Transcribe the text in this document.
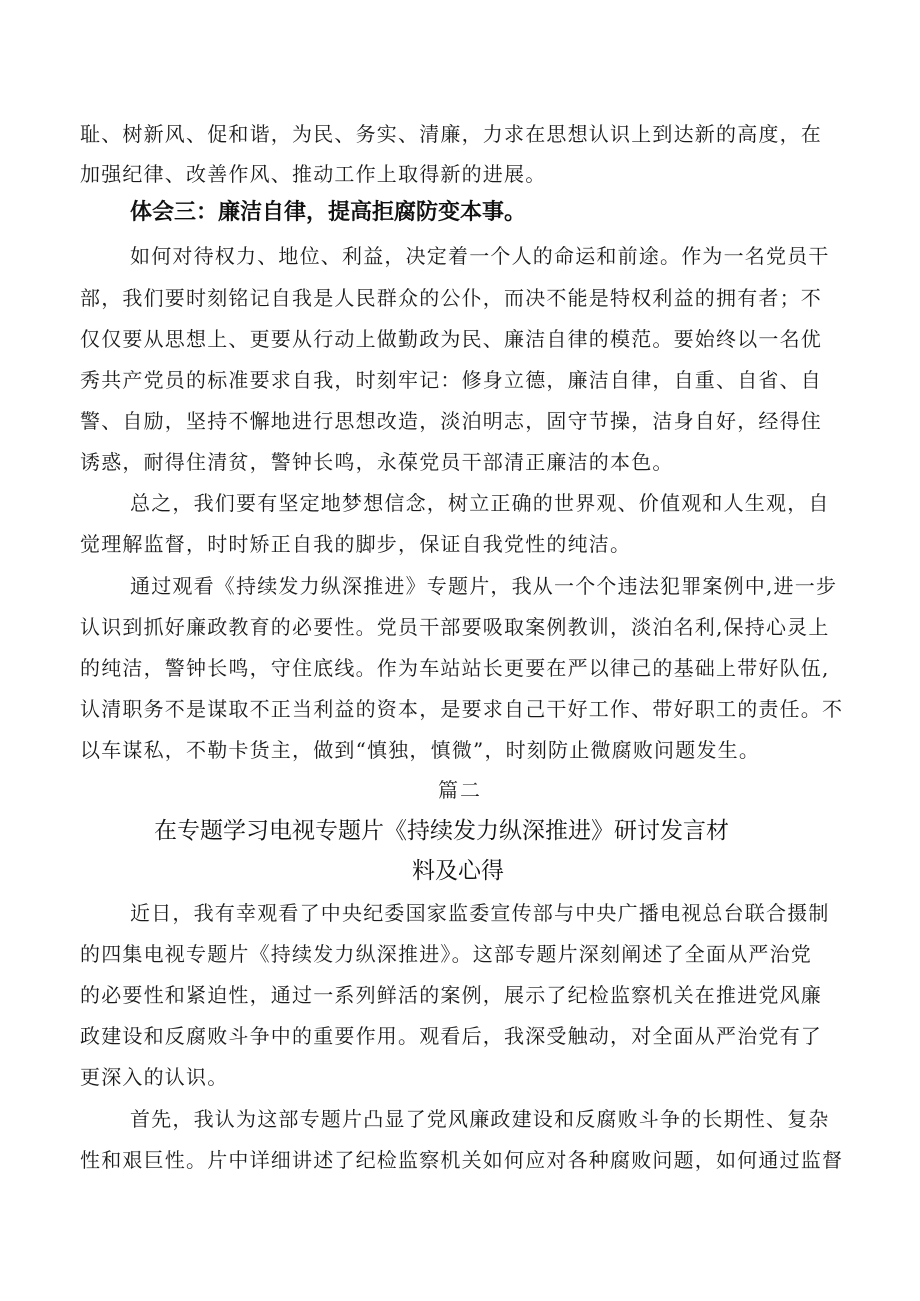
耻、树新风、促和谐，为民、务实、清廉，力求在思想认识上到达新的高度，在

加强纪律、改善作风、推动工作上取得新的进展。

体会三：廉洁自律，提高拒腐防变本事。

如何对待权力、地位、利益，决定着一个人的命运和前途。作为一名党员干

部，我们要时刻铭记自我是人民群众的公仆，而决不能是特权利益的拥有者；不

仅仅要从思想上、更要从行动上做勤政为民、廉洁自律的模范。要始终以一名优

秀共产党员的标准要求自我，时刻牢记：修身立德，廉洁自律，自重、自省、自

警、自励，坚持不懈地进行思想改造，淡泊明志，固守节操，洁身自好，经得住

诱惑，耐得住清贫，警钟长鸣，永葆党员干部清正廉洁的本色。

总之，我们要有坚定地梦想信念，树立正确的世界观、价值观和人生观，自

觉理解监督，时时矫正自我的脚步，保证自我党性的纯洁。

通过观看《持续发力纵深推进》专题片，我从一个个违法犯罪案例中,进一步

认识到抓好廉政教育的必要性。党员干部要吸取案例教训，淡泊名利,保持心灵上

的纯洁，警钟长鸣，守住底线。作为车站站长更要在严以律己的基础上带好队伍,

认清职务不是谋取不正当利益的资本，是要求自己干好工作、带好职工的责任。不

以车谋私，不勒卡货主，做到“慎独，慎微”，时刻防止微腐败问题发生。

篇二

在专题学习电视专题片《持续发力纵深推进》研讨发言材

料及心得

近日，我有幸观看了中央纪委国家监委宣传部与中央广播电视总台联合摄制

的四集电视专题片《持续发力纵深推进》。这部专题片深刻阐述了全面从严治党

的必要性和紧迫性，通过一系列鲜活的案例，展示了纪检监察机关在推进党风廉

政建设和反腐败斗争中的重要作用。观看后，我深受触动，对全面从严治党有了

更深入的认识。

首先，我认为这部专题片凸显了党风廉政建设和反腐败斗争的长期性、复杂

性和艰巨性。片中详细讲述了纪检监察机关如何应对各种腐败问题，如何通过监督
